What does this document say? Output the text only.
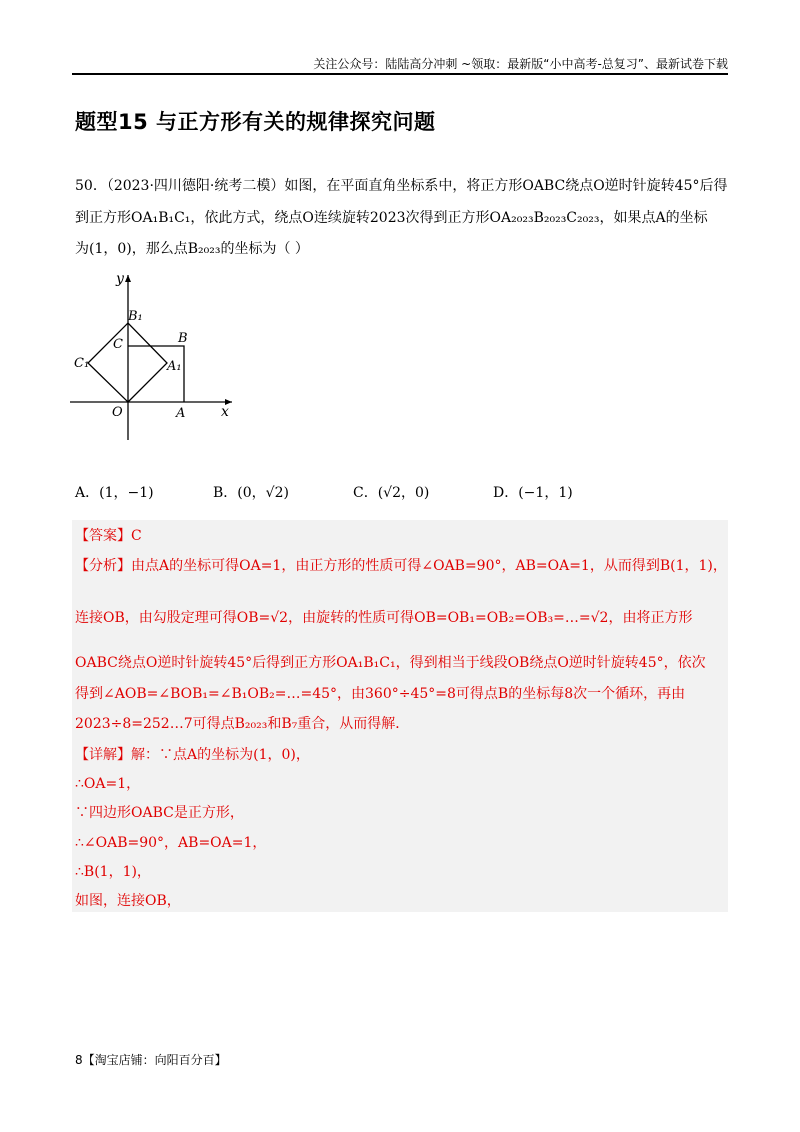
关注公众号：陆陆高分冲刺 ~领取：最新版“小中高考-总复习”、最新试卷下载
题型15 与正方形有关的规律探究问题
50．（2023·四川德阳·统考二模）如图，在平面直角坐标系中，将正方形OABC绕点O逆时针旋转45°后得
到正方形OA₁B₁C₁，依此方式，绕点O连续旋转2023次得到正方形OA₂₀₂₃B₂₀₂₃C₂₀₂₃，如果点A的坐标
为(1，0)，那么点B₂₀₂₃的坐标为（ ）
y
x
B₁
B
C
C₁	A₁
O	A
A．(1，−1)	B．(0，√2)	C．(√2，0)	D．(−1，1)
【答案】C
【分析】由点A的坐标可得OA=1，由正方形的性质可得∠OAB=90°，AB=OA=1，从而得到B(1，1)，
连接OB，由勾股定理可得OB=√2，由旋转的性质可得OB=OB₁=OB₂=OB₃=…=√2，由将正方形
OABC绕点O逆时针旋转45°后得到正方形OA₁B₁C₁，得到相当于线段OB绕点O逆时针旋转45°，依次
得到∠AOB=∠BOB₁=∠B₁OB₂=…=45°，由360°÷45°=8可得点B的坐标每8次一个循环，再由
2023÷8=252…7可得点B₂₀₂₃和B₇重合，从而得解．
【详解】解：∵点A的坐标为(1，0)，
∴OA=1，
∵四边形OABC是正方形，
∴∠OAB=90°，AB=OA=1，
∴B(1，1)，
如图，连接OB，
8【淘宝店铺：向阳百分百】
